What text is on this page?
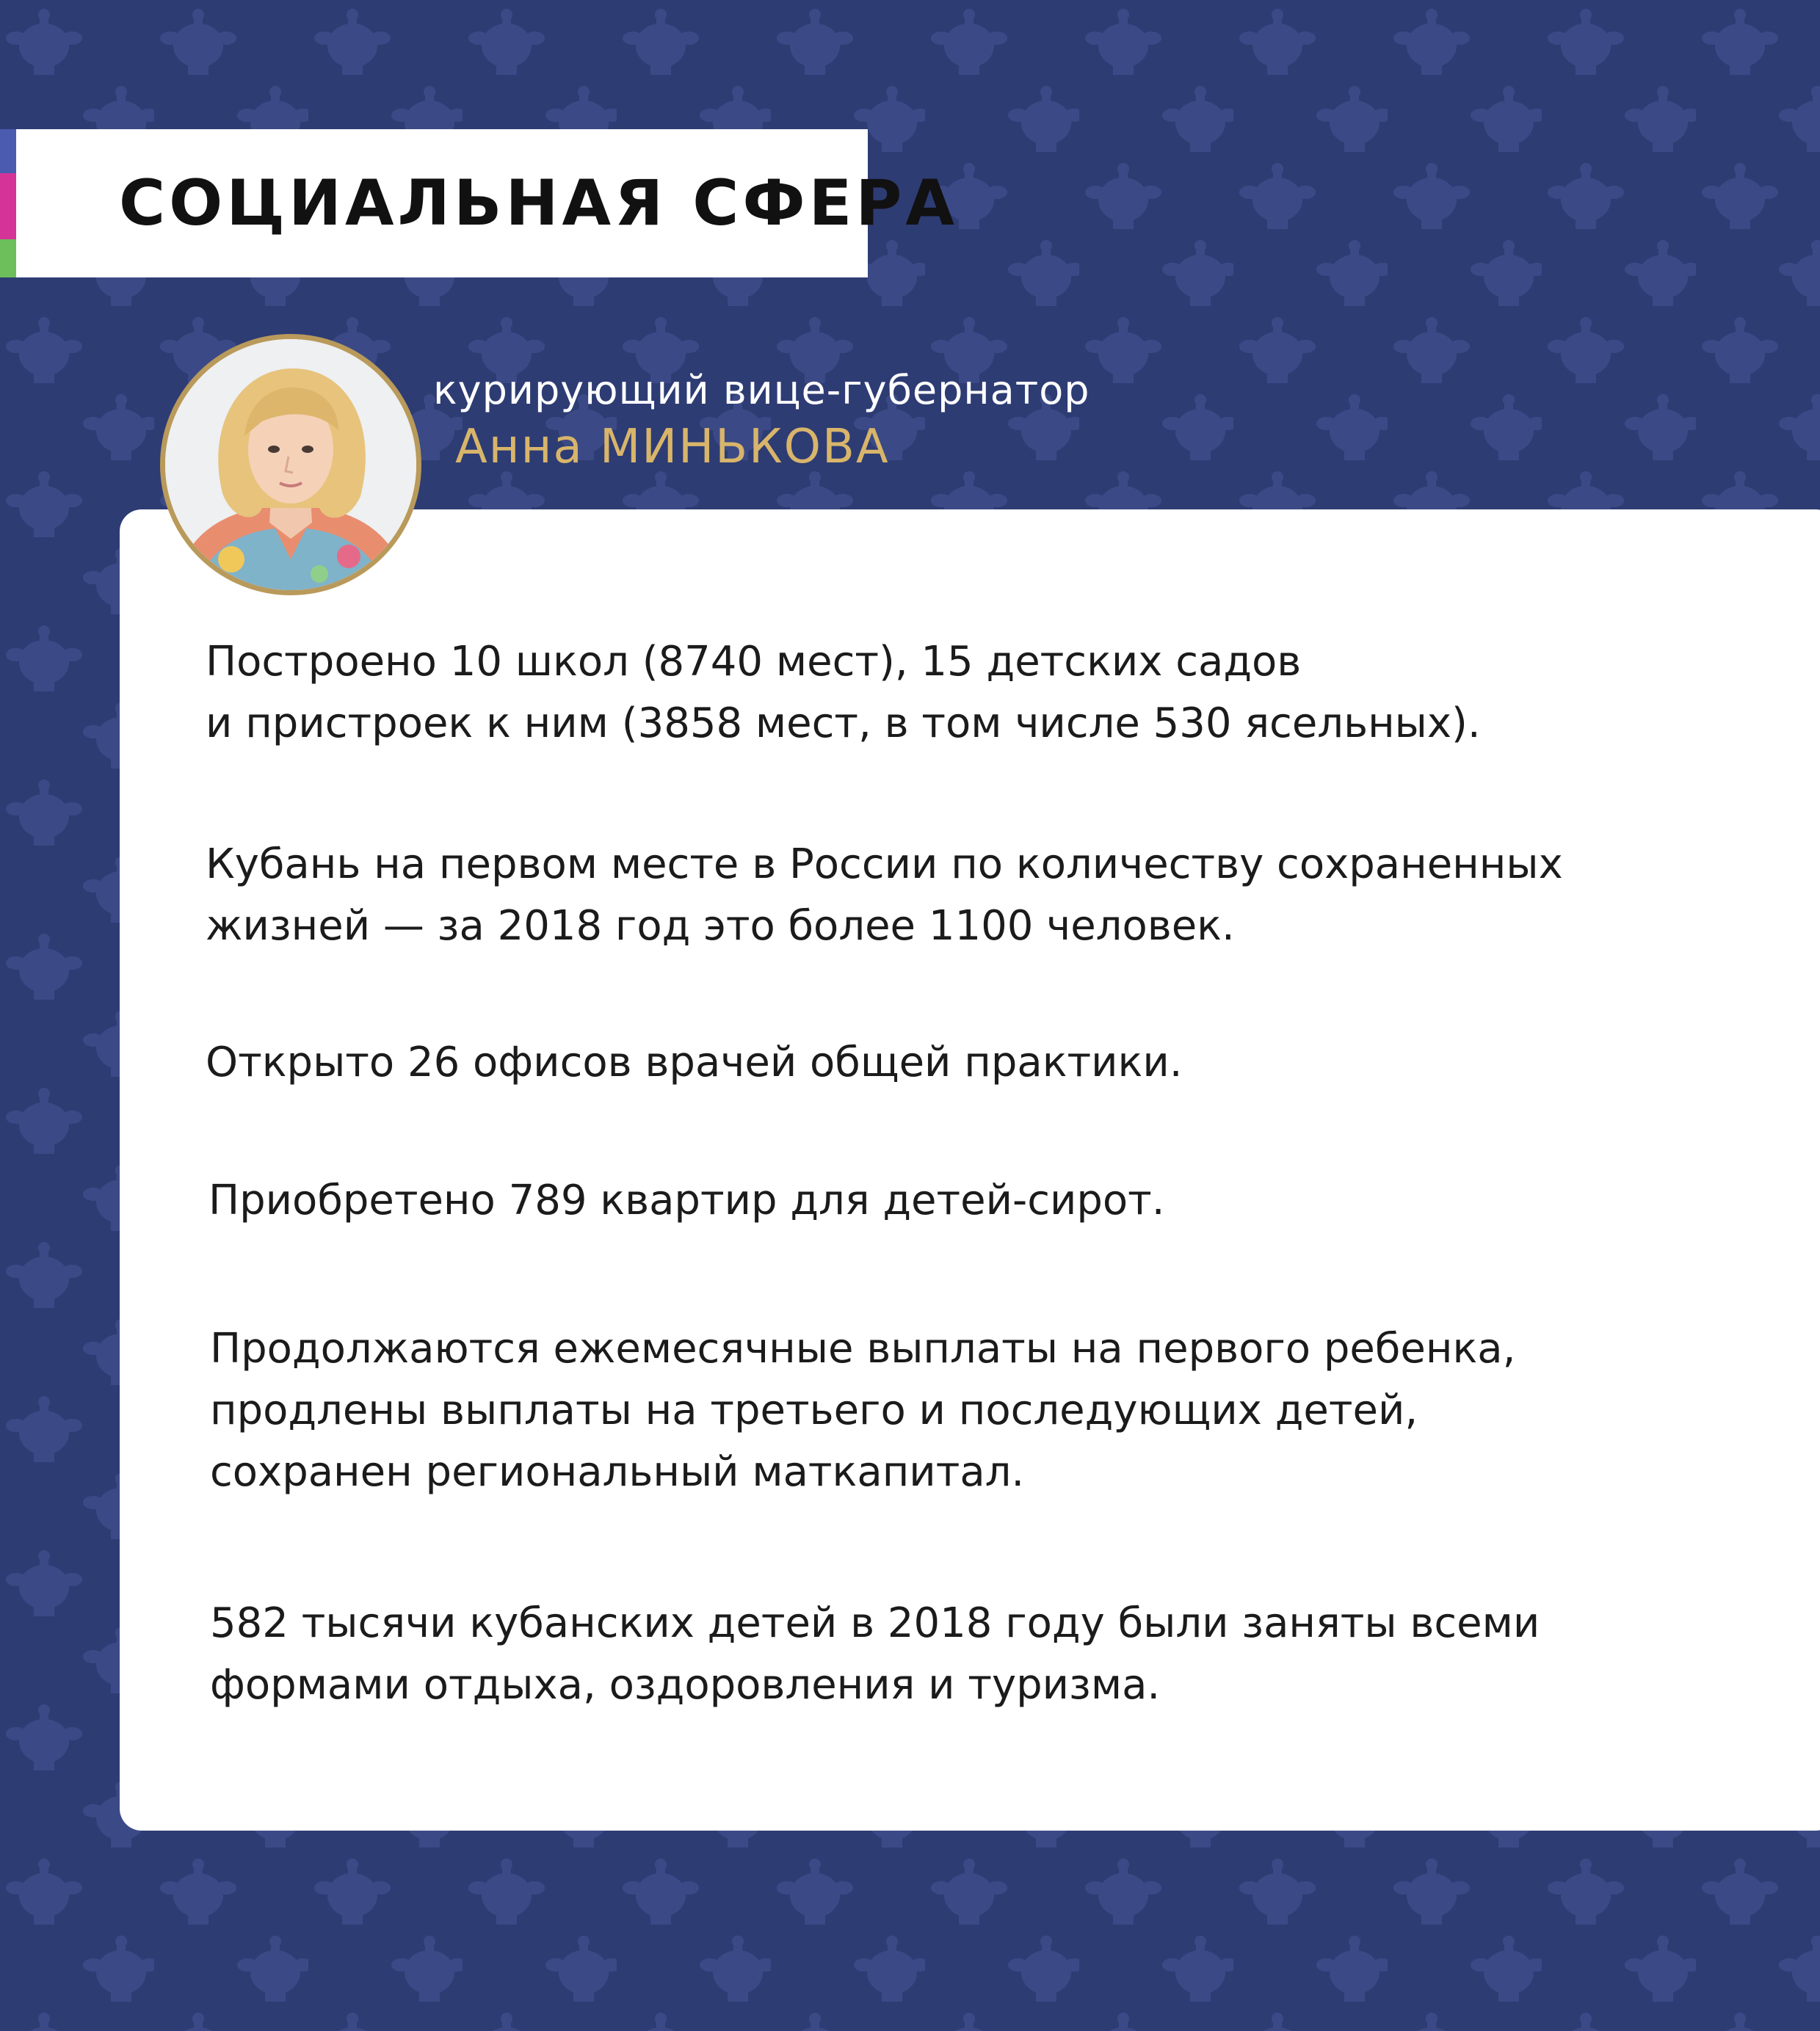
СОЦИАЛЬНАЯ СФЕРА
курирующий вице-губернатор
Анна МИНЬКОВА

Построено 10 школ (8740 мест), 15 детских садов
и пристроек к ним (3858 мест, в том числе 530 ясельных).

Кубань на первом месте в России по количеству сохраненных
жизней — за 2018 год это более 1100 человек.

Открыто 26 офисов врачей общей практики.

Приобретено 789 квартир для детей-сирот.

Продолжаются ежемесячные выплаты на первого ребенка,
продлены выплаты на третьего и последующих детей,
сохранен региональный маткапитал.

582 тысячи кубанских детей в 2018 году были заняты всеми
формами отдыха, оздоровления и туризма.
